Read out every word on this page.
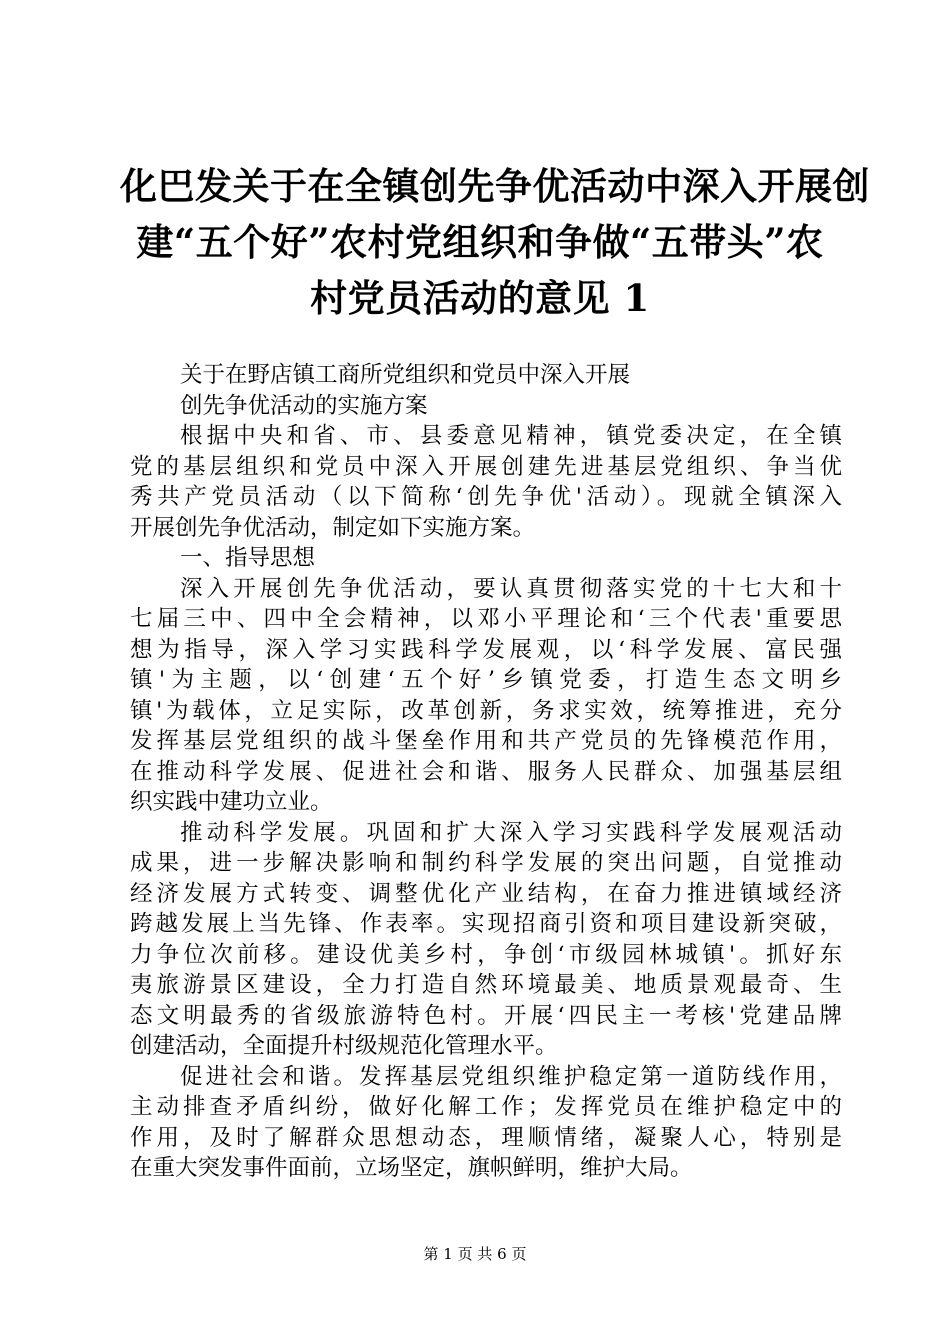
化巴发关于在全镇创先争优活动中深入开展创
建“五个好”农村党组织和争做“五带头”农
村党员活动的意见 1
关于在野店镇工商所党组织和党员中深入开展
创先争优活动的实施方案
根据中央和省、市、县委意见精神，镇党委决定，在全镇
党的基层组织和党员中深入开展创建先进基层党组织、争当优
秀共产党员活动（以下简称‘创先争优'活动）。现就全镇深入
开展创先争优活动，制定如下实施方案。
一、指导思想
深入开展创先争优活动，要认真贯彻落实党的十七大和十
七届三中、四中全会精神，以邓小平理论和‘三个代表'重要思
想为指导，深入学习实践科学发展观，以‘科学发展、富民强
镇'为主题，以‘创建‘五个好’乡镇党委，打造生态文明乡
镇'为载体，立足实际，改革创新，务求实效，统筹推进，充分
发挥基层党组织的战斗堡垒作用和共产党员的先锋模范作用，
在推动科学发展、促进社会和谐、服务人民群众、加强基层组
织实践中建功立业。
推动科学发展。巩固和扩大深入学习实践科学发展观活动
成果，进一步解决影响和制约科学发展的突出问题，自觉推动
经济发展方式转变、调整优化产业结构，在奋力推进镇域经济
跨越发展上当先锋、作表率。实现招商引资和项目建设新突破，
力争位次前移。建设优美乡村，争创‘市级园林城镇'。抓好东
夷旅游景区建设，全力打造自然环境最美、地质景观最奇、生
态文明最秀的省级旅游特色村。开展‘四民主一考核'党建品牌
创建活动，全面提升村级规范化管理水平。
促进社会和谐。发挥基层党组织维护稳定第一道防线作用，
主动排查矛盾纠纷，做好化解工作；发挥党员在维护稳定中的
作用，及时了解群众思想动态，理顺情绪，凝聚人心，特别是
在重大突发事件面前，立场坚定，旗帜鲜明，维护大局。
第 1 页 共 6 页
